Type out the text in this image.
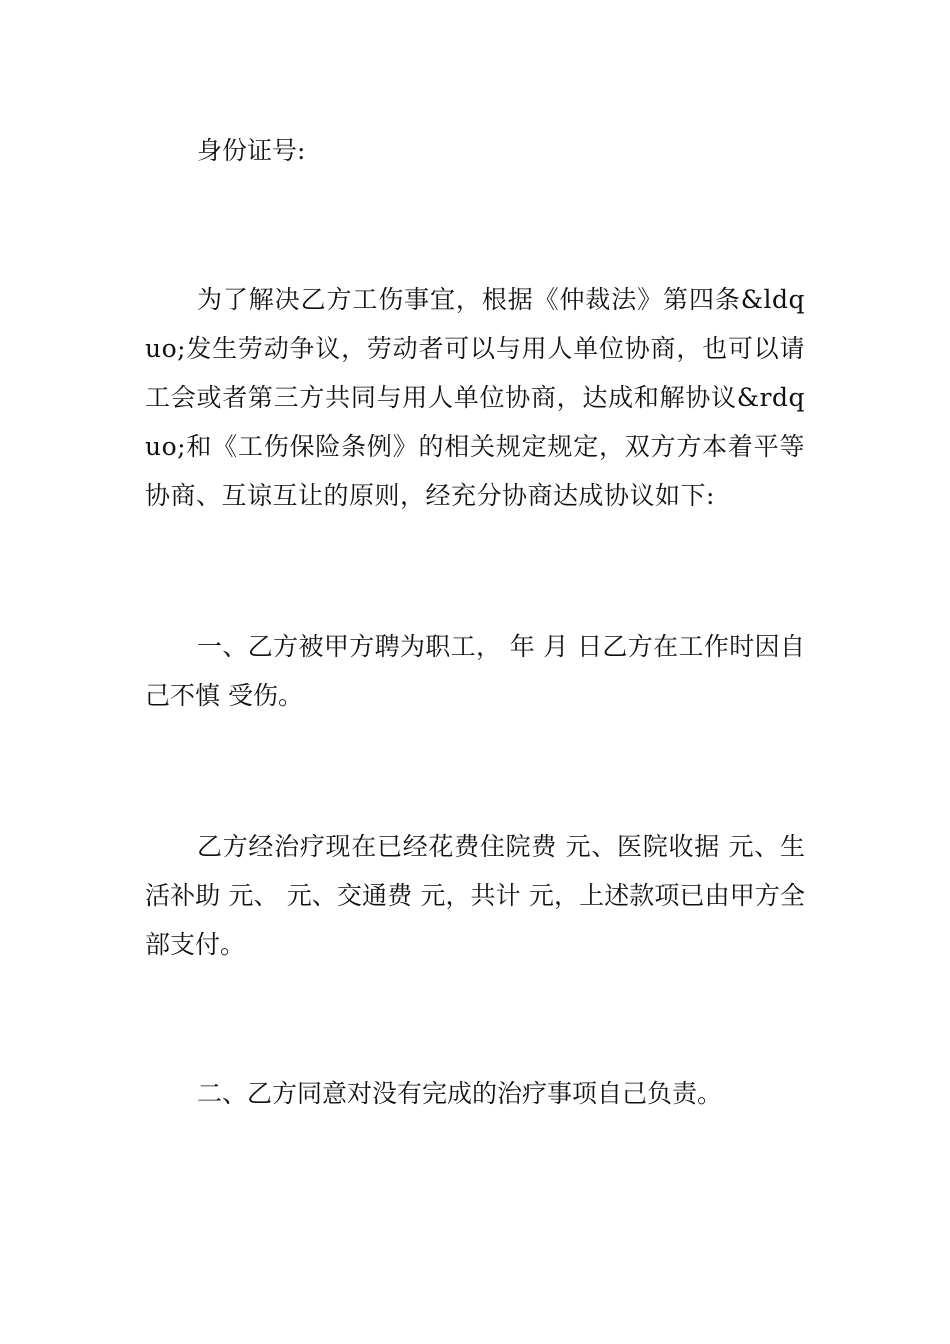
身份证号:

为了解决乙方工伤事宜，根据《仲裁法》第四条&ldquo;发生劳动争议，劳动者可以与用人单位协商，也可以请工会或者第三方共同与用人单位协商，达成和解协议&rdquo;和《工伤保险条例》的相关规定规定，双方方本着平等协商、互谅互让的原则，经充分协商达成协议如下:

一、乙方被甲方聘为职工， 年 月 日乙方在工作时因自己不慎 受伤。

乙方经治疗现在已经花费住院费 元、医院收据 元、生活补助 元、 元、交通费 元，共计 元，上述款项已由甲方全部支付。

二、乙方同意对没有完成的治疗事项自己负责。
